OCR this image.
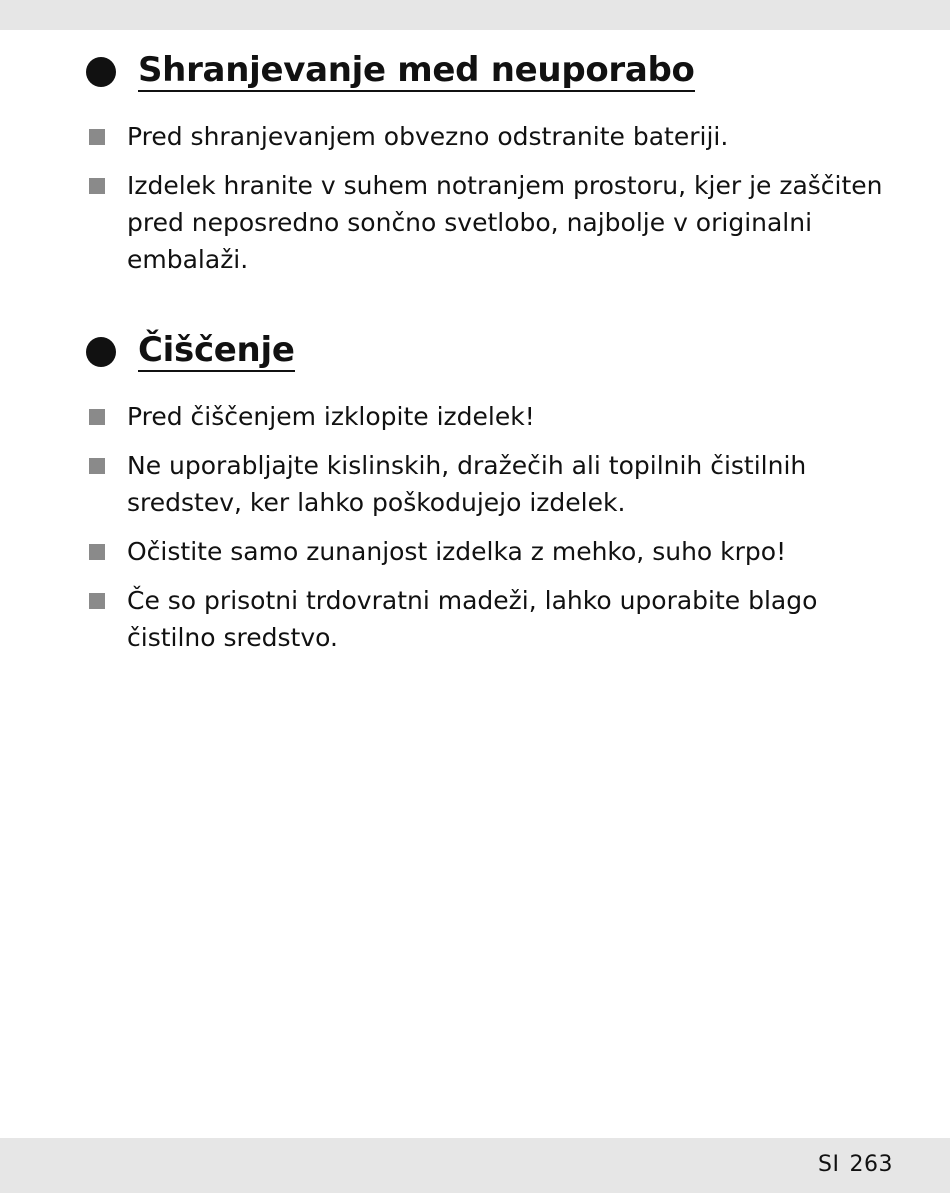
Shranjevanje med neuporabo
Pred shranjevanjem obvezno odstranite bateriji.
Izdelek hranite v suhem notranjem prostoru, kjer je zaščiten pred neposredno sončno svetlobo, najbolje v originalni embalaži.
Čiščenje
Pred čiščenjem izklopite izdelek!
Ne uporabljajte kislinskih, dražečih ali topilnih čistilnih sredstev, ker lahko poškodujejo izdelek.
Očistite samo zunanjost izdelka z mehko, suho krpo!
Če so prisotni trdovratni madeži, lahko uporabite blago čistilno sredstvo.
SI 263
